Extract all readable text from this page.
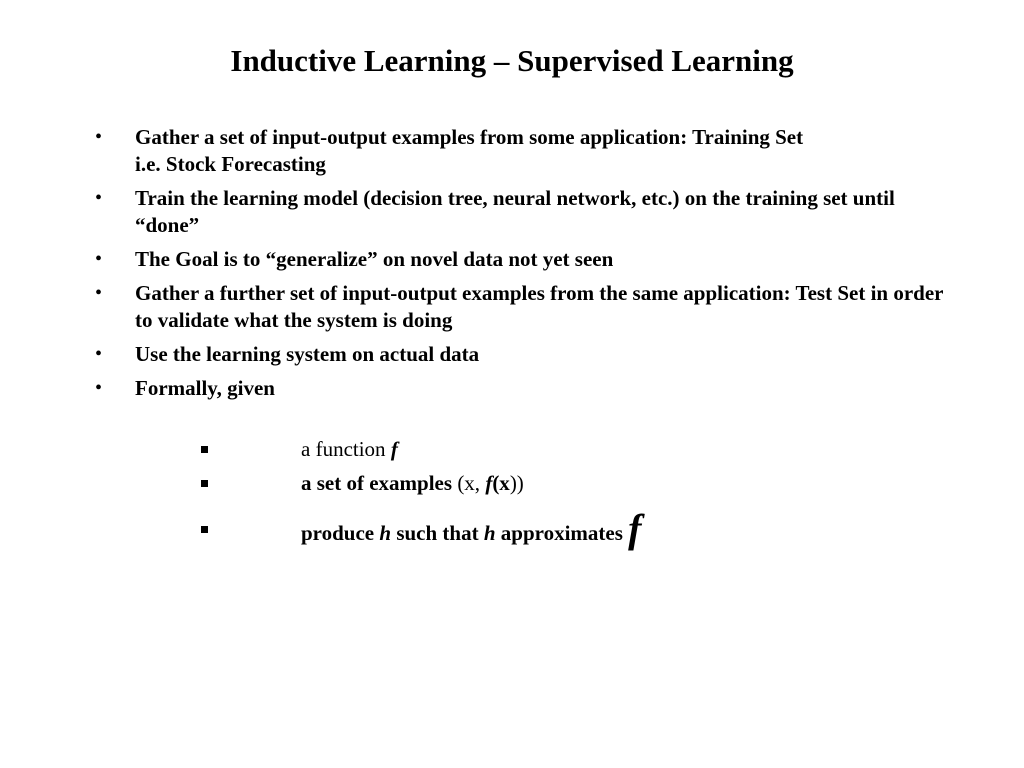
Inductive Learning – Supervised Learning
•	Gather a set of input-output examples from some application: Training Set
i.e. Stock Forecasting
•	Train the learning model (decision tree, neural network, etc.) on the training set until “done”
•	The Goal is to “generalize” on novel data not yet seen
•	Gather a further set of input-output examples from the same application: Test Set in order to validate what the system is doing
•	Use the learning system on actual data
•	Formally, given
a function f
a set of examples (x, f(x))
produce h such that h approximates f
